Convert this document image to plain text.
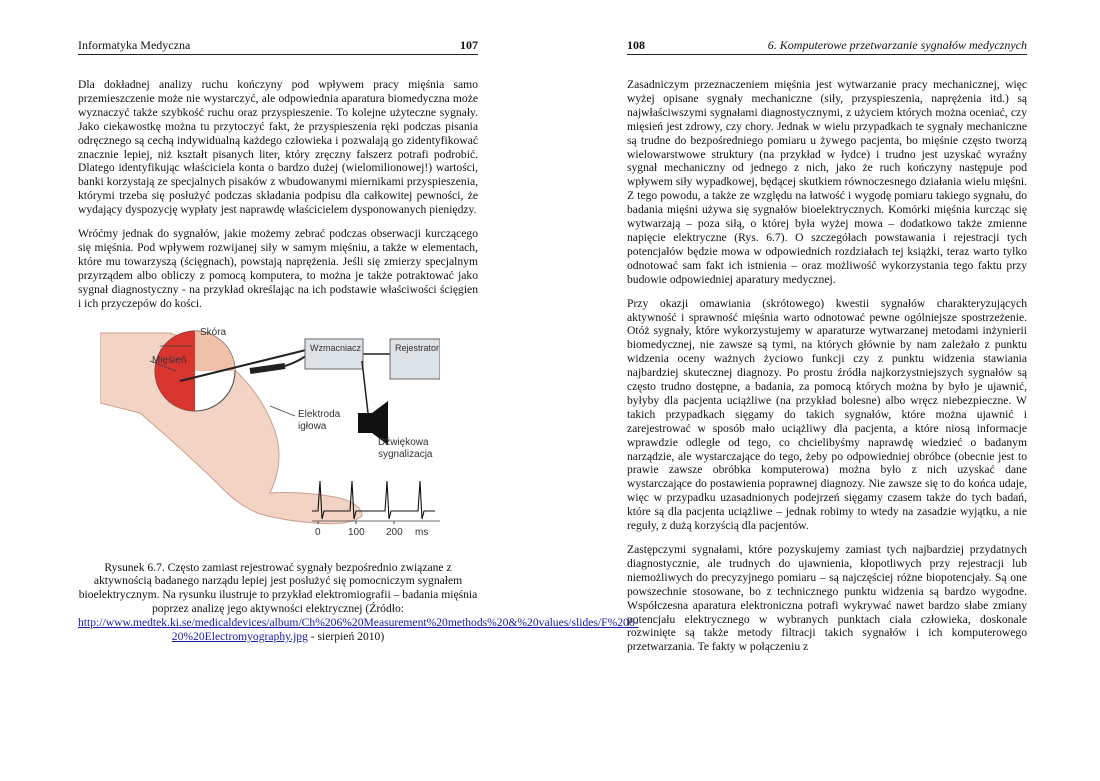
Informatyka Medyczna	107

Dla dokładnej analizy ruchu kończyny pod wpływem pracy mięśnia samo przemieszczenie może nie wystarczyć, ale odpowiednia aparatura biomedyczna może wyznaczyć także szybkość ruchu oraz przyspieszenie. To kolejne użyteczne sygnały. Jako ciekawostkę można tu przytoczyć fakt, że przyspieszenia ręki podczas pisania odręcznego są cechą indywidualną każdego człowieka i pozwalają go zidentyfikować znacznie lepiej, niż kształt pisanych liter, który zręczny fałszerz potrafi podrobić. Dlatego identyfikując właściciela konta o bardzo dużej (wielomilionowej!) wartości, banki korzystają ze specjalnych pisaków z wbudowanymi miernikami przyspieszenia, którymi trzeba się posłużyć podczas składania podpisu dla całkowitej pewności, że wydający dyspozycję wypłaty jest naprawdę właścicielem dysponowanych pieniędzy.

Wróćmy jednak do sygnałów, jakie możemy zebrać podczas obserwacji kurczącego się mięśnia. Pod wpływem rozwijanej siły w samym mięśniu, a także w elementach, które mu towarzyszą (ścięgnach), powstają naprężenia. Jeśli się zmierzy specjalnym przyrządem albo obliczy z pomocą komputera, to można je także potraktować jako sygnał diagnostyczny - na przykład określając na ich podstawie właściwości ścięgien i ich przyczepów do kości.

Skóra
Mięśień
Wzmacniacz	Rejestrator
Elektroda
igłowa
Dźwiękowa
sygnalizacja
0	100 200 ms

Rysunek 6.7. Często zamiast rejestrować sygnały bezpośrednio związane z aktywnością badanego narządu lepiej jest posłużyć się pomocniczym sygnałem bioelektrycznym. Na rysunku ilustruje to przykład elektromiografii – badania mięśnia poprzez analizę jego aktywności elektrycznej (Źródło: http://www.medtek.ki.se/medicaldevices/album/Ch%206%20Measurement%20methods%20&%20values/slides/F%206-20%20Electromyography.jpg - sierpień 2010)

108	6. Komputerowe przetwarzanie sygnałów medycznych

Zasadniczym przeznaczeniem mięśnia jest wytwarzanie pracy mechanicznej, więc wyżej opisane sygnały mechaniczne (siły, przyspieszenia, naprężenia itd.) są najwłaściwszymi sygnałami diagnostycznymi, z użyciem których można oceniać, czy mięsień jest zdrowy, czy chory. Jednak w wielu przypadkach te sygnały mechaniczne są trudne do bezpośredniego pomiaru u żywego pacjenta, bo mięśnie często tworzą wielowarstwowe struktury (na przykład w łydce) i trudno jest uzyskać wyraźny sygnał mechaniczny od jednego z nich, jako że ruch kończyny następuje pod wpływem siły wypadkowej, będącej skutkiem równoczesnego działania wielu mięśni. Z tego powodu, a także ze względu na łatwość i wygodę pomiaru takiego sygnału, do badania mięśni używa się sygnałów bioelektrycznych. Komórki mięśnia kurcząc się wytwarzają – poza siłą, o której była wyżej mowa – dodatkowo także zmienne napięcie elektryczne (Rys. 6.7). O szczegółach powstawania i rejestracji tych potencjałów będzie mowa w odpowiednich rozdziałach tej książki, teraz warto tylko odnotować sam fakt ich istnienia – oraz możliwość wykorzystania tego faktu przy budowie odpowiedniej aparatury medycznej.

Przy okazji omawiania (skrótowego) kwestii sygnałów charakteryzujących aktywność i sprawność mięśnia warto odnotować pewne ogólniejsze spostrzeżenie. Otóż sygnały, które wykorzystujemy w aparaturze wytwarzanej metodami inżynierii biomedycznej, nie zawsze są tymi, na których głównie by nam zależało z punktu widzenia oceny ważnych życiowo funkcji czy z punktu widzenia stawiania najbardziej skutecznej diagnozy. Po prostu źródła najkorzystniejszych sygnałów są często trudno dostępne, a badania, za pomocą których można by było je ujawnić, byłyby dla pacjenta uciążliwe (na przykład bolesne) albo wręcz niebezpieczne. W takich przypadkach sięgamy do takich sygnałów, które można ujawnić i zarejestrować w sposób mało uciążliwy dla pacjenta, a które niosą informacje wprawdzie odległe od tego, co chcielibyśmy naprawdę wiedzieć o badanym narządzie, ale wystarczające do tego, żeby po odpowiedniej obróbce (obecnie jest to prawie zawsze obróbka komputerowa) można było z nich uzyskać dane wystarczające do postawienia poprawnej diagnozy. Nie zawsze się to do końca udaje, więc w przypadku uzasadnionych podejrzeń sięgamy czasem także do tych badań, które są dla pacjenta uciążliwe – jednak robimy to wtedy na zasadzie wyjątku, a nie reguły, z dużą korzyścią dla pacjentów.

Zastępczymi sygnałami, które pozyskujemy zamiast tych najbardziej przydatnych diagnostycznie, ale trudnych do ujawnienia, kłopotliwych przy rejestracji lub niemożliwych do precyzyjnego pomiaru – są najczęściej różne biopotencjały. Są one powszechnie stosowane, bo z technicznego punktu widzenia są bardzo wygodne. Współczesna aparatura elektroniczna potrafi wykrywać nawet bardzo słabe zmiany potencjału elektrycznego w wybranych punktach ciała człowieka, doskonale rozwinięte są także metody filtracji takich sygnałów i ich komputerowego przetwarzania. Te fakty w połączeniu z
